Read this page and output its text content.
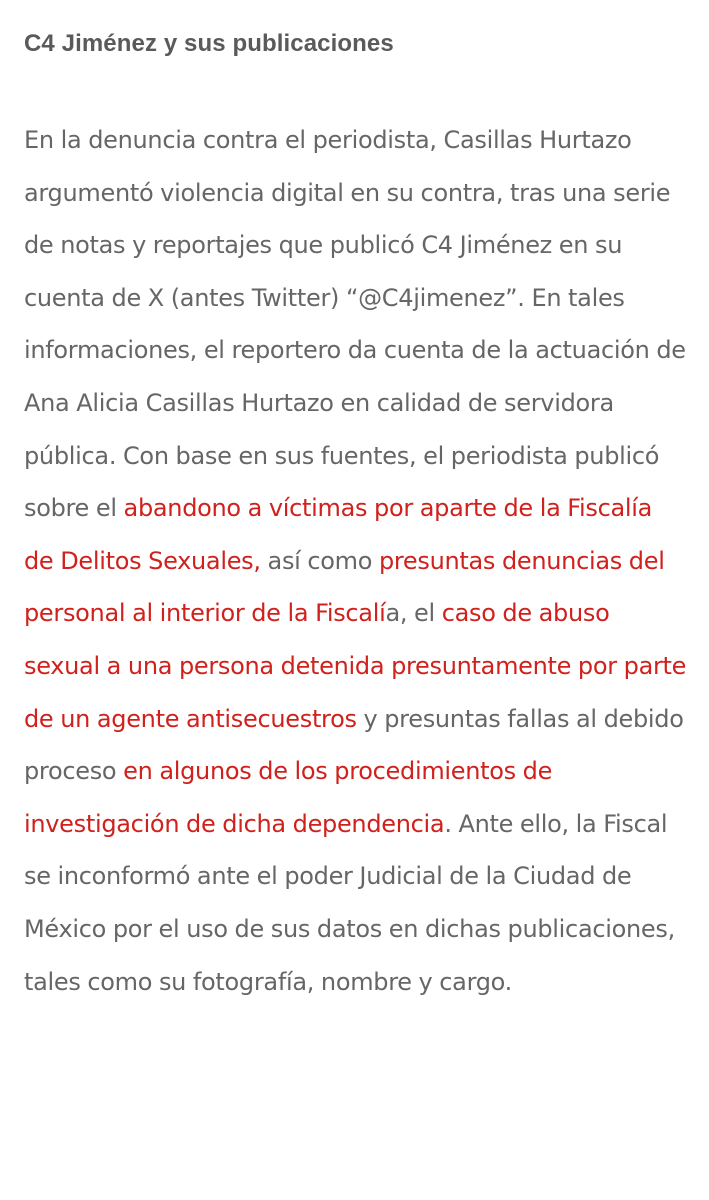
C4 Jiménez y sus publicaciones

En la denuncia contra el periodista, Casillas Hurtazo argumentó violencia digital en su contra, tras una serie de notas y reportajes que publicó C4 Jiménez en su cuenta de X (antes Twitter) “@C4jimenez”. En tales informaciones, el reportero da cuenta de la actuación de Ana Alicia Casillas Hurtazo en calidad de servidora pública. Con base en sus fuentes, el periodista publicó sobre el abandono a víctimas por aparte de la Fiscalía de Delitos Sexuales, así como presuntas denuncias del personal al interior de la Fiscalía, el caso de abuso sexual a una persona detenida presuntamente por parte de un agente antisecuestros y presuntas fallas al debido proceso en algunos de los procedimientos de investigación de dicha dependencia. Ante ello, la Fiscal se inconformó ante el poder Judicial de la Ciudad de México por el uso de sus datos en dichas publicaciones, tales como su fotografía, nombre y cargo.
